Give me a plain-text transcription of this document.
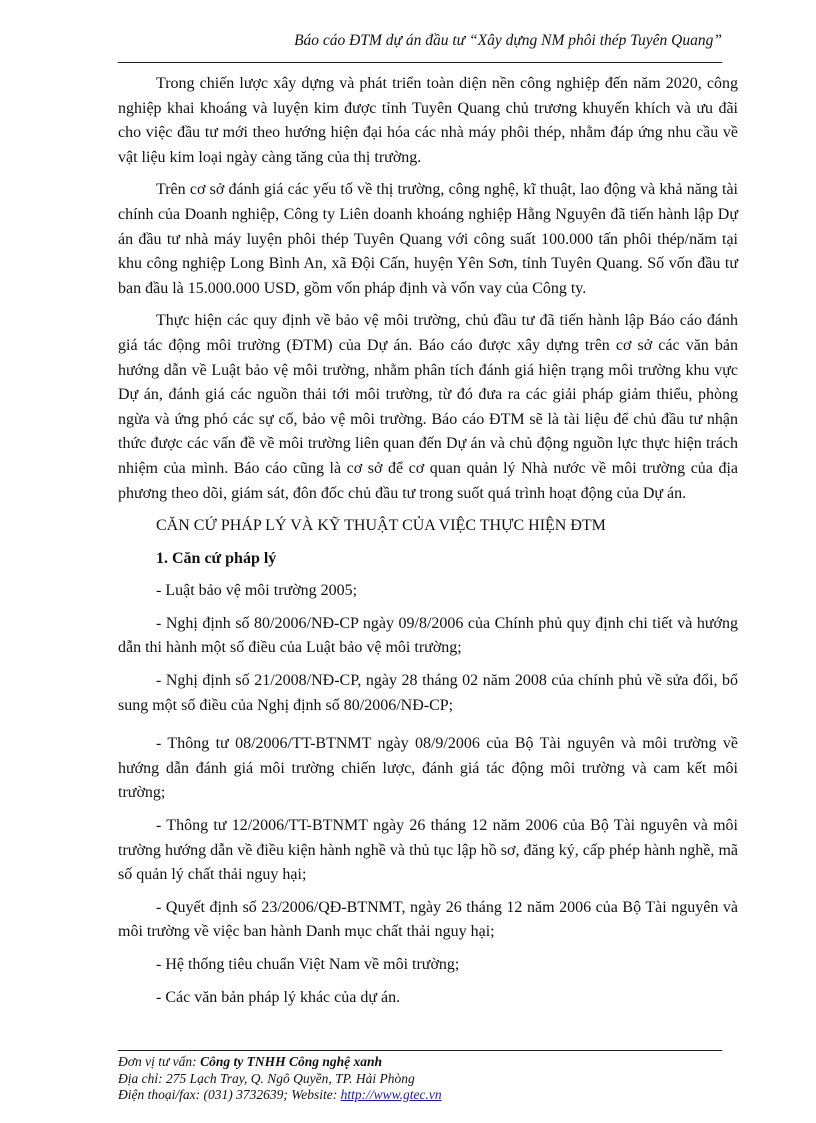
Báo cáo ĐTM dự án đầu tư “Xây dựng NM phôi thép Tuyên Quang”

Trong chiến lược xây dựng và phát triển toàn diện nền công nghiệp đến năm 2020, công nghiệp khai khoáng và luyện kim được tỉnh Tuyên Quang chủ trương khuyến khích và ưu đãi cho việc đầu tư mới theo hướng hiện đại hóa các nhà máy phôi thép, nhằm đáp ứng nhu cầu về vật liệu kim loại ngày càng tăng của thị trường.

Trên cơ sở đánh giá các yếu tố về thị trường, công nghệ, kĩ thuật, lao động và khả năng tài chính của Doanh nghiệp, Công ty Liên doanh khoáng nghiệp Hằng Nguyên đã tiến hành lập Dự án đầu tư nhà máy luyện phôi thép Tuyên Quang với công suất 100.000 tấn phôi thép/năm tại khu công nghiệp Long Bình An, xã Đội Cấn, huyện Yên Sơn, tỉnh Tuyên Quang. Số vốn đầu tư ban đầu là 15.000.000 USD, gồm vốn pháp định và vốn vay của Công ty.

Thực hiện các quy định về bảo vệ môi trường, chủ đầu tư đã tiến hành lập Báo cáo đánh giá tác động môi trường (ĐTM) của Dự án. Báo cáo được xây dựng trên cơ sở các văn bản hướng dẫn về Luật bảo vệ môi trường, nhằm phân tích đánh giá hiện trạng môi trường khu vực Dự án, đánh giá các nguồn thải tới môi trường, từ đó đưa ra các giải pháp giảm thiểu, phòng ngừa và ứng phó các sự cố, bảo vệ môi trường. Báo cáo ĐTM sẽ là tài liệu để chủ đầu tư nhận thức được các vấn đề về môi trường liên quan đến Dự án và chủ động nguồn lực thực hiện trách nhiệm của mình. Báo cáo cũng là cơ sở để cơ quan quản lý Nhà nước về môi trường của địa phương theo dõi, giám sát, đôn đốc chủ đầu tư trong suốt quá trình hoạt động của Dự án.

CĂN CỨ PHÁP LÝ VÀ KỸ THUẬT CỦA VIỆC THỰC HIỆN ĐTM

1. Căn cứ pháp lý

- Luật bảo vệ môi trường 2005;

- Nghị định số 80/2006/NĐ-CP ngày 09/8/2006 của Chính phủ quy định chi tiết và hướng dẫn thi hành một số điều của Luật bảo vệ môi trường;

- Nghị định số 21/2008/NĐ-CP, ngày 28 tháng 02 năm 2008 của chính phủ về sửa đổi, bổ sung một số điều của Nghị định số 80/2006/NĐ-CP;

- Thông tư 08/2006/TT-BTNMT ngày 08/9/2006 của Bộ Tài nguyên và môi trường về hướng dẫn đánh giá môi trường chiến lược, đánh giá tác động môi trường và cam kết môi trường;

- Thông tư 12/2006/TT-BTNMT ngày 26 tháng 12 năm 2006 của Bộ Tài nguyên và môi trường hướng dẫn về điều kiện hành nghề và thủ tục lập hồ sơ, đăng ký, cấp phép hành nghề, mã số quản lý chất thải nguy hại;

- Quyết định số 23/2006/QĐ-BTNMT, ngày 26 tháng 12 năm 2006 của Bộ Tài nguyên và môi trường về việc ban hành Danh mục chất thải nguy hại;

- Hệ thống tiêu chuẩn Việt Nam về môi trường;

- Các văn bản pháp lý khác của dự án.

Đơn vị tư vấn: Công ty TNHH Công nghệ xanh
Địa chỉ: 275 Lạch Tray, Q. Ngô Quyền, TP. Hải Phòng
Điện thoại/fax: (031) 3732639; Website: http://www.gtec.vn
